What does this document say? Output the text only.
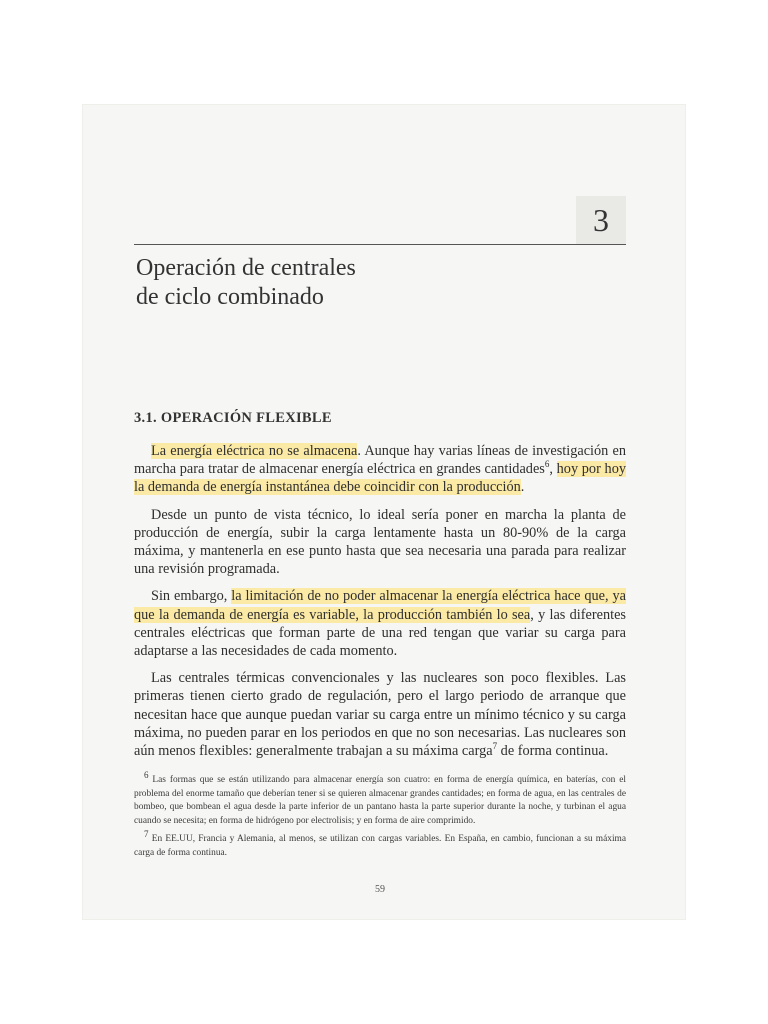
3
Operación de centrales
de ciclo combinado
3.1. OPERACIÓN FLEXIBLE

La energía eléctrica no se almacena. Aunque hay varias líneas de investigación en marcha para tratar de almacenar energía eléctrica en grandes cantidades$^6$, hoy por hoy la demanda de energía instantánea debe coincidir con la producción.

Desde un punto de vista técnico, lo ideal sería poner en marcha la planta de producción de energía, subir la carga lentamente hasta un 80-90% de la carga máxima, y mantenerla en ese punto hasta que sea necesaria una parada para realizar una revisión programada.

Sin embargo, la limitación de no poder almacenar la energía eléctrica hace que, ya que la demanda de energía es variable, la producción también lo sea, y las diferentes centrales eléctricas que forman parte de una red tengan que variar su carga para adaptarse a las necesidades de cada momento.

Las centrales térmicas convencionales y las nucleares son poco flexibles. Las primeras tienen cierto grado de regulación, pero el largo periodo de arranque que necesitan hace que aunque puedan variar su carga entre un mínimo técnico y su carga máxima, no pueden parar en los periodos en que no son necesarias. Las nucleares son aún menos flexibles: generalmente trabajan a su máxima carga$^7$ de forma continua.

$^6$ Las formas que se están utilizando para almacenar energía son cuatro: en forma de energía química, en baterías, con el problema del enorme tamaño que deberían tener si se quieren almacenar grandes cantidades; en forma de agua, en las centrales de bombeo, que bombean el agua desde la parte inferior de un pantano hasta la parte superior durante la noche, y turbinan el agua cuando se necesita; en forma de hidrógeno por electrolisis; y en forma de aire comprimido.

$^7$ En EE.UU, Francia y Alemania, al menos, se utilizan con cargas variables. En España, en cambio, funcionan a su máxima carga de forma continua.

59
